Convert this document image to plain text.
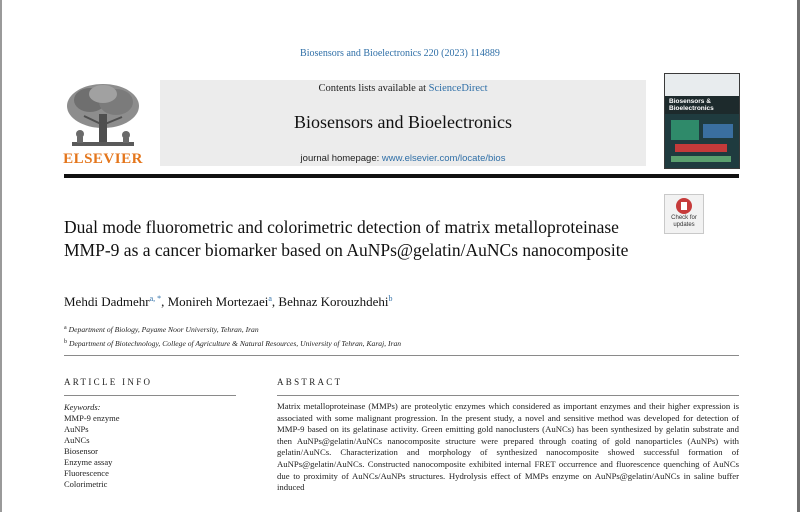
Biosensors and Bioelectronics 220 (2023) 114889
ELSEVIER
Contents lists available at ScienceDirect
Biosensors and Bioelectronics
journal homepage: www.elsevier.com/locate/bios
Biosensors &
Bioelectronics
Check for
updates
Dual mode fluorometric and colorimetric detection of matrix metalloproteinase MMP-9 as a cancer biomarker based on AuNPs@gelatin/AuNCs nanocomposite
Mehdi Dadmehr$^{a, *}$, Monireh Mortezaei$^a$, Behnaz Korouzhdehi$^b$
$^a$ Department of Biology, Payame Noor University, Tehran, Iran
$^b$ Department of Biotechnology, College of Agriculture & Natural Resources, University of Tehran, Karaj, Iran
ARTICLE INFO	ABSTRACT
Keywords:
MMP-9 enzyme
AuNPs
AuNCs
Biosensor
Enzyme assay
Fluorescence
Colorimetric

Matrix metalloproteinase (MMPs) are proteolytic enzymes which considered as important enzymes and their higher expression is associated with some malignant progression. In the present study, a novel and sensitive method was developed for detection of MMP-9 based on its gelatinase activity. Green emitting gold nanoclusters (AuNCs) has been synthesized by gelatin substrate and then AuNPs@gelatin/AuNCs nanocomposite structure were prepared through coating of gold nanoparticles (AuNPs) with gelatin/AuNCs. Characterization and morphology of synthesized nanocomposite showed successful formation of AuNPs@gelatin/AuNCs. Constructed nanocomposite exhibited internal FRET occurrence and fluorescence quenching of AuNCs due to proximity of AuNCs/AuNPs structures. Hydrolysis effect of MMPs enzyme on AuNPs@gelatin/AuNCs in saline buffer induced
